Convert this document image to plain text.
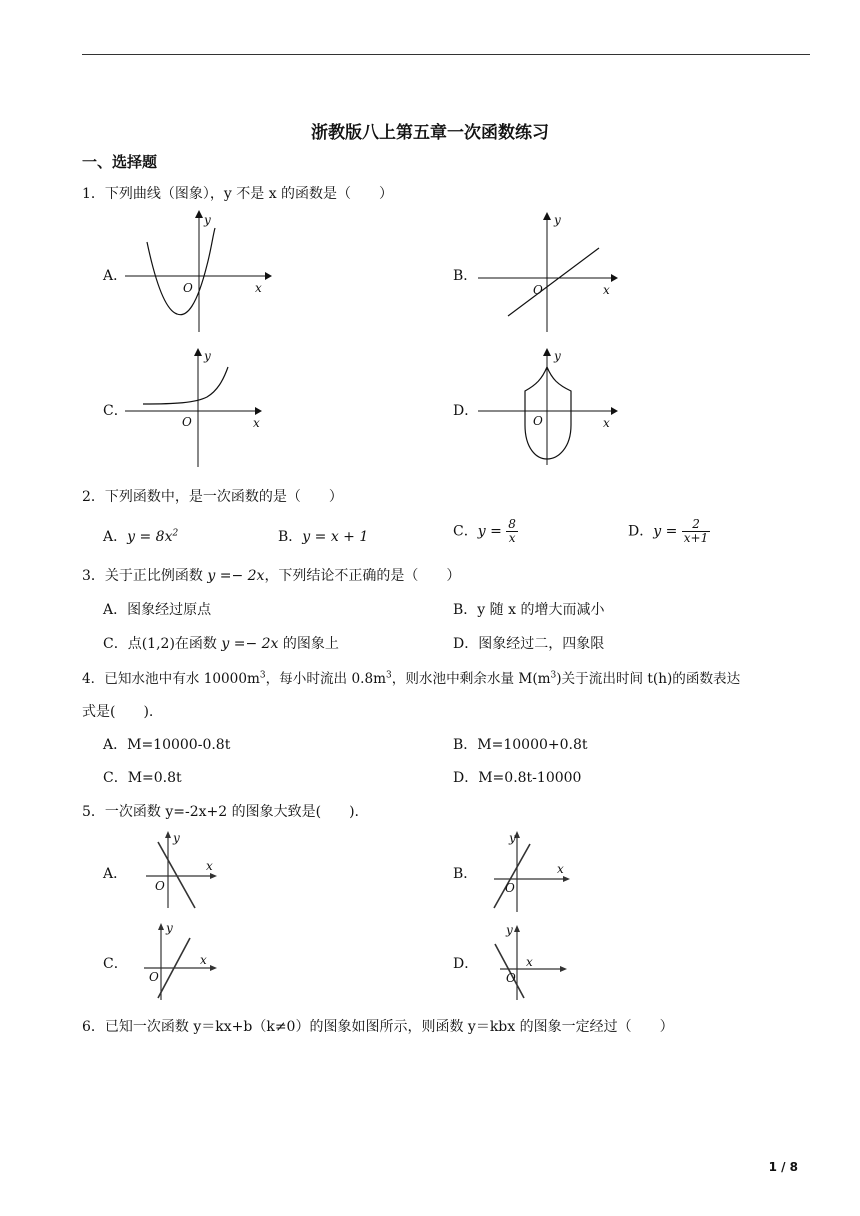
浙教版八上第五章一次函数练习
一、选择题
1．下列曲线（图象），y 不是 x 的函数是（　　）
A．
y
x
O
B．
y
x
O
C．
y
x
O
D．
y
x
O
2．下列函数中，是一次函数的是（　　）
A．$y = 8x^2$	B．y = x + 1	C．$y = \frac{8}{x}$	D．$y = \frac{2}{x+1}$
3．关于正比例函数 y =− 2x，下列结论不正确的是（　　）
A．图象经过原点	B．y 随 x 的增大而减小
C．点(1,2)在函数 y =− 2x 的图象上	D．图象经过二，四象限
4．已知水池中有水 $10000m^3$，每小时流出 $0.8m^3$，则水池中剩余水量 $M(m^3)$关于流出时间 t(h)的函数表达
式是(　　).
A．M=10000-0.8t	B．M=10000+0.8t
C．M=0.8t	D．M=0.8t-10000
5．一次函数 y=-2x+2 的图象大致是(　　).
A．
y
x
O
B．
y
x
O
C．
y
x
O
D．
y
x
O
6．已知一次函数 y＝kx+b（k≠0）的图象如图所示，则函数 y＝kbx 的图象一定经过（　　）
1 / 8
